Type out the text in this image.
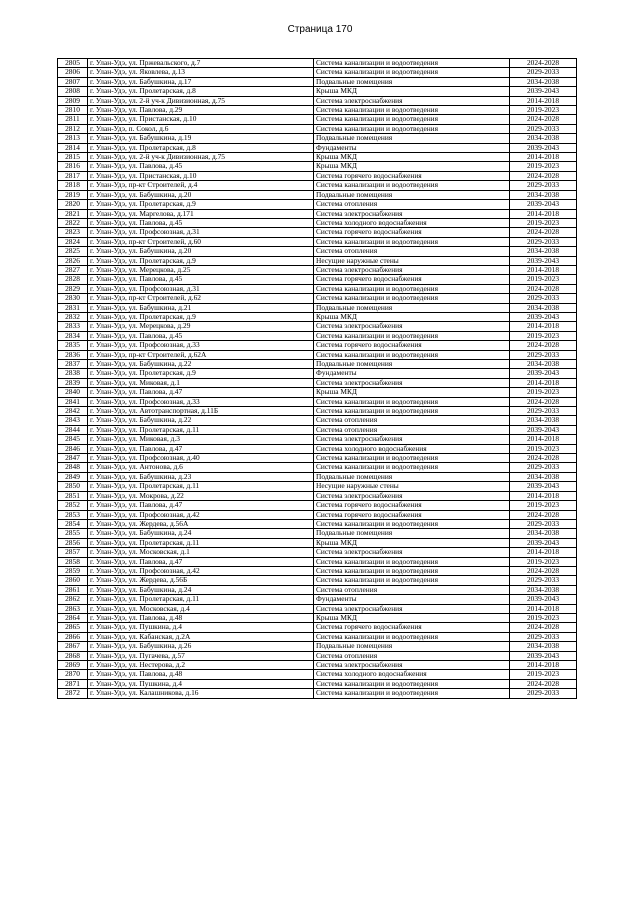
Страница 170
2805	г. Улан-Удэ, ул. Пржевальского, д.7	Система канализации и водоотведения	2024-2028
2806	г. Улан-Удэ, ул. Яковлева, д.13	Система канализации и водоотведения	2029-2033
2807	г. Улан-Удэ, ул. Бабушкина, д.17	Подвальные помещения	2034-2038
2808	г. Улан-Удэ, ул. Пролетарская, д.8	Крыша МКД	2039-2043
2809	г. Улан-Удэ, ул. 2-й уч-к Дивизионная, д.75	Система электроснабжения	2014-2018
2810	г. Улан-Удэ, ул. Павлова, д.29	Система канализации и водоотведения	2019-2023
2811	г. Улан-Удэ, ул. Пристанская, д.10	Система канализации и водоотведения	2024-2028
2812	г. Улан-Удэ, п. Сокол, д.6	Система канализации и водоотведения	2029-2033
2813	г. Улан-Удэ, ул. Бабушкина, д.19	Подвальные помещения	2034-2038
2814	г. Улан-Удэ, ул. Пролетарская, д.8	Фундаменты	2039-2043
2815	г. Улан-Удэ, ул. 2-й уч-к Дивизионная, д.75	Крыша МКД	2014-2018
2816	г. Улан-Удэ, ул. Павлова, д.45	Крыша МКД	2019-2023
2817	г. Улан-Удэ, ул. Пристанская, д.10	Система горячего водоснабжения	2024-2028
2818	г. Улан-Удэ, пр-кт Строителей, д.4	Система канализации и водоотведения	2029-2033
2819	г. Улан-Удэ, ул. Бабушкина, д.20	Подвальные помещения	2034-2038
2820	г. Улан-Удэ, ул. Пролетарская, д.9	Система отопления	2039-2043
2821	г. Улан-Удэ, ул. Маргелова, д.171	Система электроснабжения	2014-2018
2822	г. Улан-Удэ, ул. Павлова, д.45	Система холодного водоснабжения	2019-2023
2823	г. Улан-Удэ, ул. Профсоюзная, д.31	Система горячего водоснабжения	2024-2028
2824	г. Улан-Удэ, пр-кт Строителей, д.60	Система канализации и водоотведения	2029-2033
2825	г. Улан-Удэ, ул. Бабушкина, д.20	Система отопления	2034-2038
2826	г. Улан-Удэ, ул. Пролетарская, д.9	Несущие наружные стены	2039-2043
2827	г. Улан-Удэ, ул. Мерецкова, д.25	Система электроснабжения	2014-2018
2828	г. Улан-Удэ, ул. Павлова, д.45	Система горячего водоснабжения	2019-2023
2829	г. Улан-Удэ, ул. Профсоюзная, д.31	Система канализации и водоотведения	2024-2028
2830	г. Улан-Удэ, пр-кт Строителей, д.62	Система канализации и водоотведения	2029-2033
2831	г. Улан-Удэ, ул. Бабушкина, д.21	Подвальные помещения	2034-2038
2832	г. Улан-Удэ, ул. Пролетарская, д.9	Крыша МКД	2039-2043
2833	г. Улан-Удэ, ул. Мерецкова, д.29	Система электроснабжения	2014-2018
2834	г. Улан-Удэ, ул. Павлова, д.45	Система канализации и водоотведения	2019-2023
2835	г. Улан-Удэ, ул. Профсоюзная, д.33	Система горячего водоснабжения	2024-2028
2836	г. Улан-Удэ, пр-кт Строителей, д.62А	Система канализации и водоотведения	2029-2033
2837	г. Улан-Удэ, ул. Бабушкина, д.22	Подвальные помещения	2034-2038
2838	г. Улан-Удэ, ул. Пролетарская, д.9	Фундаменты	2039-2043
2839	г. Улан-Удэ, ул. Миковая, д.1	Система электроснабжения	2014-2018
2840	г. Улан-Удэ, ул. Павлова, д.47	Крыша МКД	2019-2023
2841	г. Улан-Удэ, ул. Профсоюзная, д.33	Система канализации и водоотведения	2024-2028
2842	г. Улан-Удэ, ул. Автотранспортная, д.11Б	Система канализации и водоотведения	2029-2033
2843	г. Улан-Удэ, ул. Бабушкина, д.22	Система отопления	2034-2038
2844	г. Улан-Удэ, ул. Пролетарская, д.11	Система отопления	2039-2043
2845	г. Улан-Удэ, ул. Миковая, д.3	Система электроснабжения	2014-2018
2846	г. Улан-Удэ, ул. Павлова, д.47	Система холодного водоснабжения	2019-2023
2847	г. Улан-Удэ, ул. Профсоюзная, д.40	Система канализации и водоотведения	2024-2028
2848	г. Улан-Удэ, ул. Антонова, д.6	Система канализации и водоотведения	2029-2033
2849	г. Улан-Удэ, ул. Бабушкина, д.23	Подвальные помещения	2034-2038
2850	г. Улан-Удэ, ул. Пролетарская, д.11	Несущие наружные стены	2039-2043
2851	г. Улан-Удэ, ул. Мокрова, д.22	Система электроснабжения	2014-2018
2852	г. Улан-Удэ, ул. Павлова, д.47	Система горячего водоснабжения	2019-2023
2853	г. Улан-Удэ, ул. Профсоюзная, д.42	Система горячего водоснабжения	2024-2028
2854	г. Улан-Удэ, ул. Жердева, д.56А	Система канализации и водоотведения	2029-2033
2855	г. Улан-Удэ, ул. Бабушкина, д.24	Подвальные помещения	2034-2038
2856	г. Улан-Удэ, ул. Пролетарская, д.11	Крыша МКД	2039-2043
2857	г. Улан-Удэ, ул. Московская, д.1	Система электроснабжения	2014-2018
2858	г. Улан-Удэ, ул. Павлова, д.47	Система канализации и водоотведения	2019-2023
2859	г. Улан-Удэ, ул. Профсоюзная, д.42	Система канализации и водоотведения	2024-2028
2860	г. Улан-Удэ, ул. Жердева, д.56Б	Система канализации и водоотведения	2029-2033
2861	г. Улан-Удэ, ул. Бабушкина, д.24	Система отопления	2034-2038
2862	г. Улан-Удэ, ул. Пролетарская, д.11	Фундаменты	2039-2043
2863	г. Улан-Удэ, ул. Московская, д.4	Система электроснабжения	2014-2018
2864	г. Улан-Удэ, ул. Павлова, д.48	Крыша МКД	2019-2023
2865	г. Улан-Удэ, ул. Пушкина, д.4	Система горячего водоснабжения	2024-2028
2866	г. Улан-Удэ, ул. Кабанская, д.2А	Система канализации и водоотведения	2029-2033
2867	г. Улан-Удэ, ул. Бабушкина, д.26	Подвальные помещения	2034-2038
2868	г. Улан-Удэ, ул. Пугачева, д.57	Система отопления	2039-2043
2869	г. Улан-Удэ, ул. Нестерова, д.2	Система электроснабжения	2014-2018
2870	г. Улан-Удэ, ул. Павлова, д.48	Система холодного водоснабжения	2019-2023
2871	г. Улан-Удэ, ул. Пушкина, д.4	Система канализации и водоотведения	2024-2028
2872	г. Улан-Удэ, ул. Калашникова, д.16	Система канализации и водоотведения	2029-2033
